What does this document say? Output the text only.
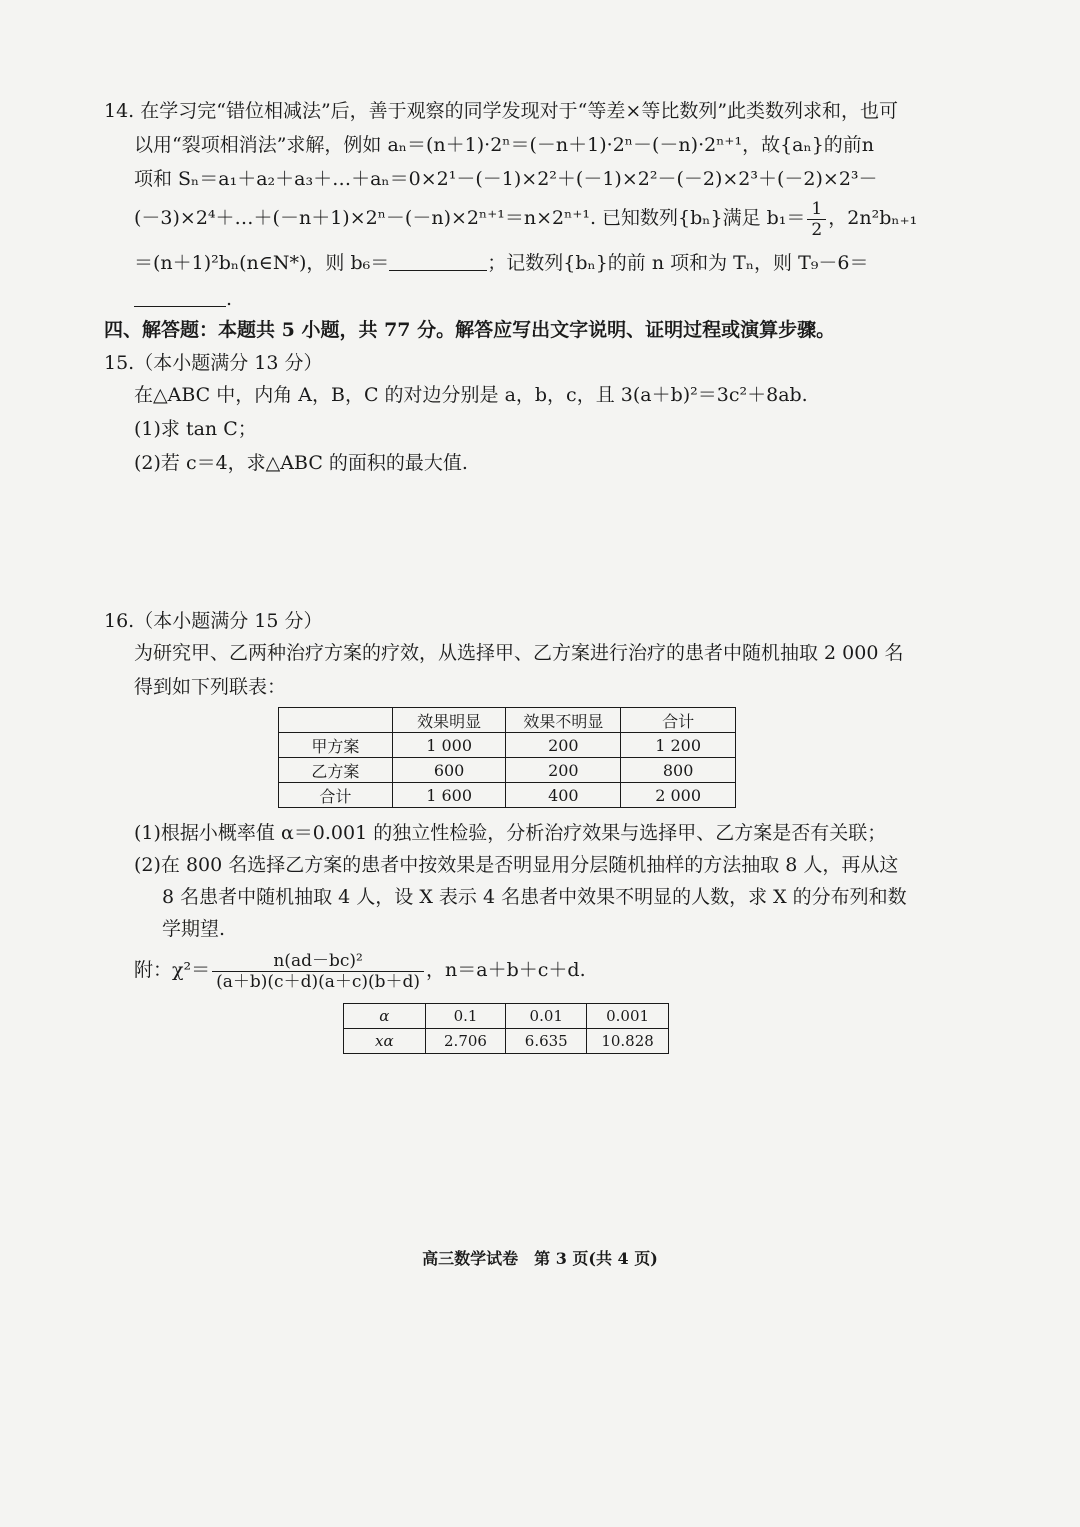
14. 在学习完“错位相减法”后，善于观察的同学发现对于“等差×等比数列”此类数列求和，也可
以用“裂项相消法”求解，例如 aₙ＝(n＋1)·2ⁿ＝(－n＋1)·2ⁿ－(－n)·2ⁿ⁺¹，故{aₙ}的前n
项和 Sₙ＝a₁＋a₂＋a₃＋…＋aₙ＝0×2¹－(－1)×2²＋(－1)×2²－(－2)×2³＋(－2)×2³－
(－3)×2⁴＋…＋(－n＋1)×2ⁿ－(－n)×2ⁿ⁺¹＝n×2ⁿ⁺¹. 已知数列{bₙ}满足 $b_1= \frac{1}{2}$ ，2n²bₙ₊₁
＝(n＋1)²bₙ(n∈N*)，则 b₆＝	；记数列{bₙ}的前 n 项和为 Tₙ，则 T₉－6＝
.
四、解答题：本题共 5 小题，共 77 分。解答应写出文字说明、证明过程或演算步骤。
15.（本小题满分 13 分）
在△ABC 中，内角 A，B，C 的对边分别是 a，b，c，且 3(a＋b)²＝3c²＋8ab.
(1)求 tan C；
(2)若 c＝4，求△ABC 的面积的最大值.
16.（本小题满分 15 分）
为研究甲、乙两种治疗方案的疗效，从选择甲、乙方案进行治疗的患者中随机抽取 2 000 名
得到如下列联表：
	效果明显	效果不明显	合计
甲方案	1 000	200	1 200
乙方案	600	200	800
合计	1 600	400	2 000
(1)根据小概率值 α＝0.001 的独立性检验，分析治疗效果与选择甲、乙方案是否有关联；
(2)在 800 名选择乙方案的患者中按效果是否明显用分层随机抽样的方法抽取 8 人，再从这
8 名患者中随机抽取 4 人，设 X 表示 4 名患者中效果不明显的人数，求 X 的分布列和数
学期望.
附：$\chi^2= \frac{\text{n(ad－bc)²}}{(a+b)(c+d)(a+c)(b+d)}$ ，n＝a＋b＋c＋d.
α	0.1	0.01	0.001
xα	2.706	6.635	10.828
高三数学试卷　第 3 页(共 4 页)
